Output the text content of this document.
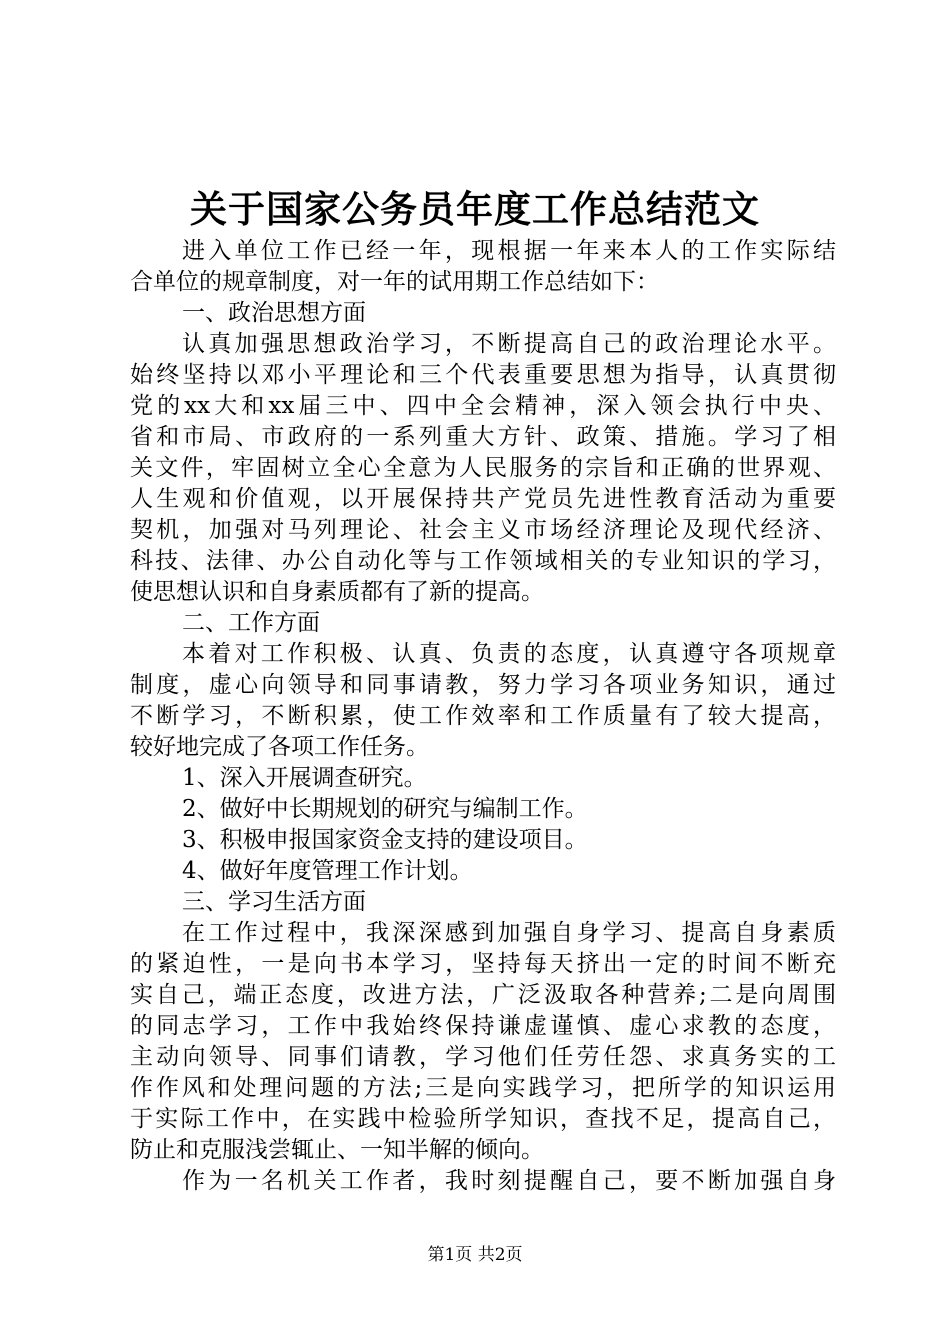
关于国家公务员年度工作总结范文
进入单位工作已经一年，现根据一年来本人的工作实际结
合单位的规章制度，对一年的试用期工作总结如下：
一、政治思想方面
认真加强思想政治学习，不断提高自己的政治理论水平。
始终坚持以邓小平理论和三个代表重要思想为指导，认真贯彻
党的xx大和xx届三中、四中全会精神，深入领会执行中央、
省和市局、市政府的一系列重大方针、政策、措施。学习了相
关文件，牢固树立全心全意为人民服务的宗旨和正确的世界观、
人生观和价值观，以开展保持共产党员先进性教育活动为重要
契机，加强对马列理论、社会主义市场经济理论及现代经济、
科技、法律、办公自动化等与工作领域相关的专业知识的学习，
使思想认识和自身素质都有了新的提高。
二、工作方面
本着对工作积极、认真、负责的态度，认真遵守各项规章
制度，虚心向领导和同事请教，努力学习各项业务知识，通过
不断学习，不断积累，使工作效率和工作质量有了较大提高，
较好地完成了各项工作任务。
1、深入开展调查研究。
2、做好中长期规划的研究与编制工作。
3、积极申报国家资金支持的建设项目。
4、做好年度管理工作计划。
三、学习生活方面
在工作过程中，我深深感到加强自身学习、提高自身素质
的紧迫性，一是向书本学习，坚持每天挤出一定的时间不断充
实自己，端正态度，改进方法，广泛汲取各种营养;二是向周围
的同志学习，工作中我始终保持谦虚谨慎、虚心求教的态度，
主动向领导、同事们请教，学习他们任劳任怨、求真务实的工
作作风和处理问题的方法;三是向实践学习，把所学的知识运用
于实际工作中，在实践中检验所学知识，查找不足，提高自己，
防止和克服浅尝辄止、一知半解的倾向。
作为一名机关工作者，我时刻提醒自己，要不断加强自身
第1页 共2页
